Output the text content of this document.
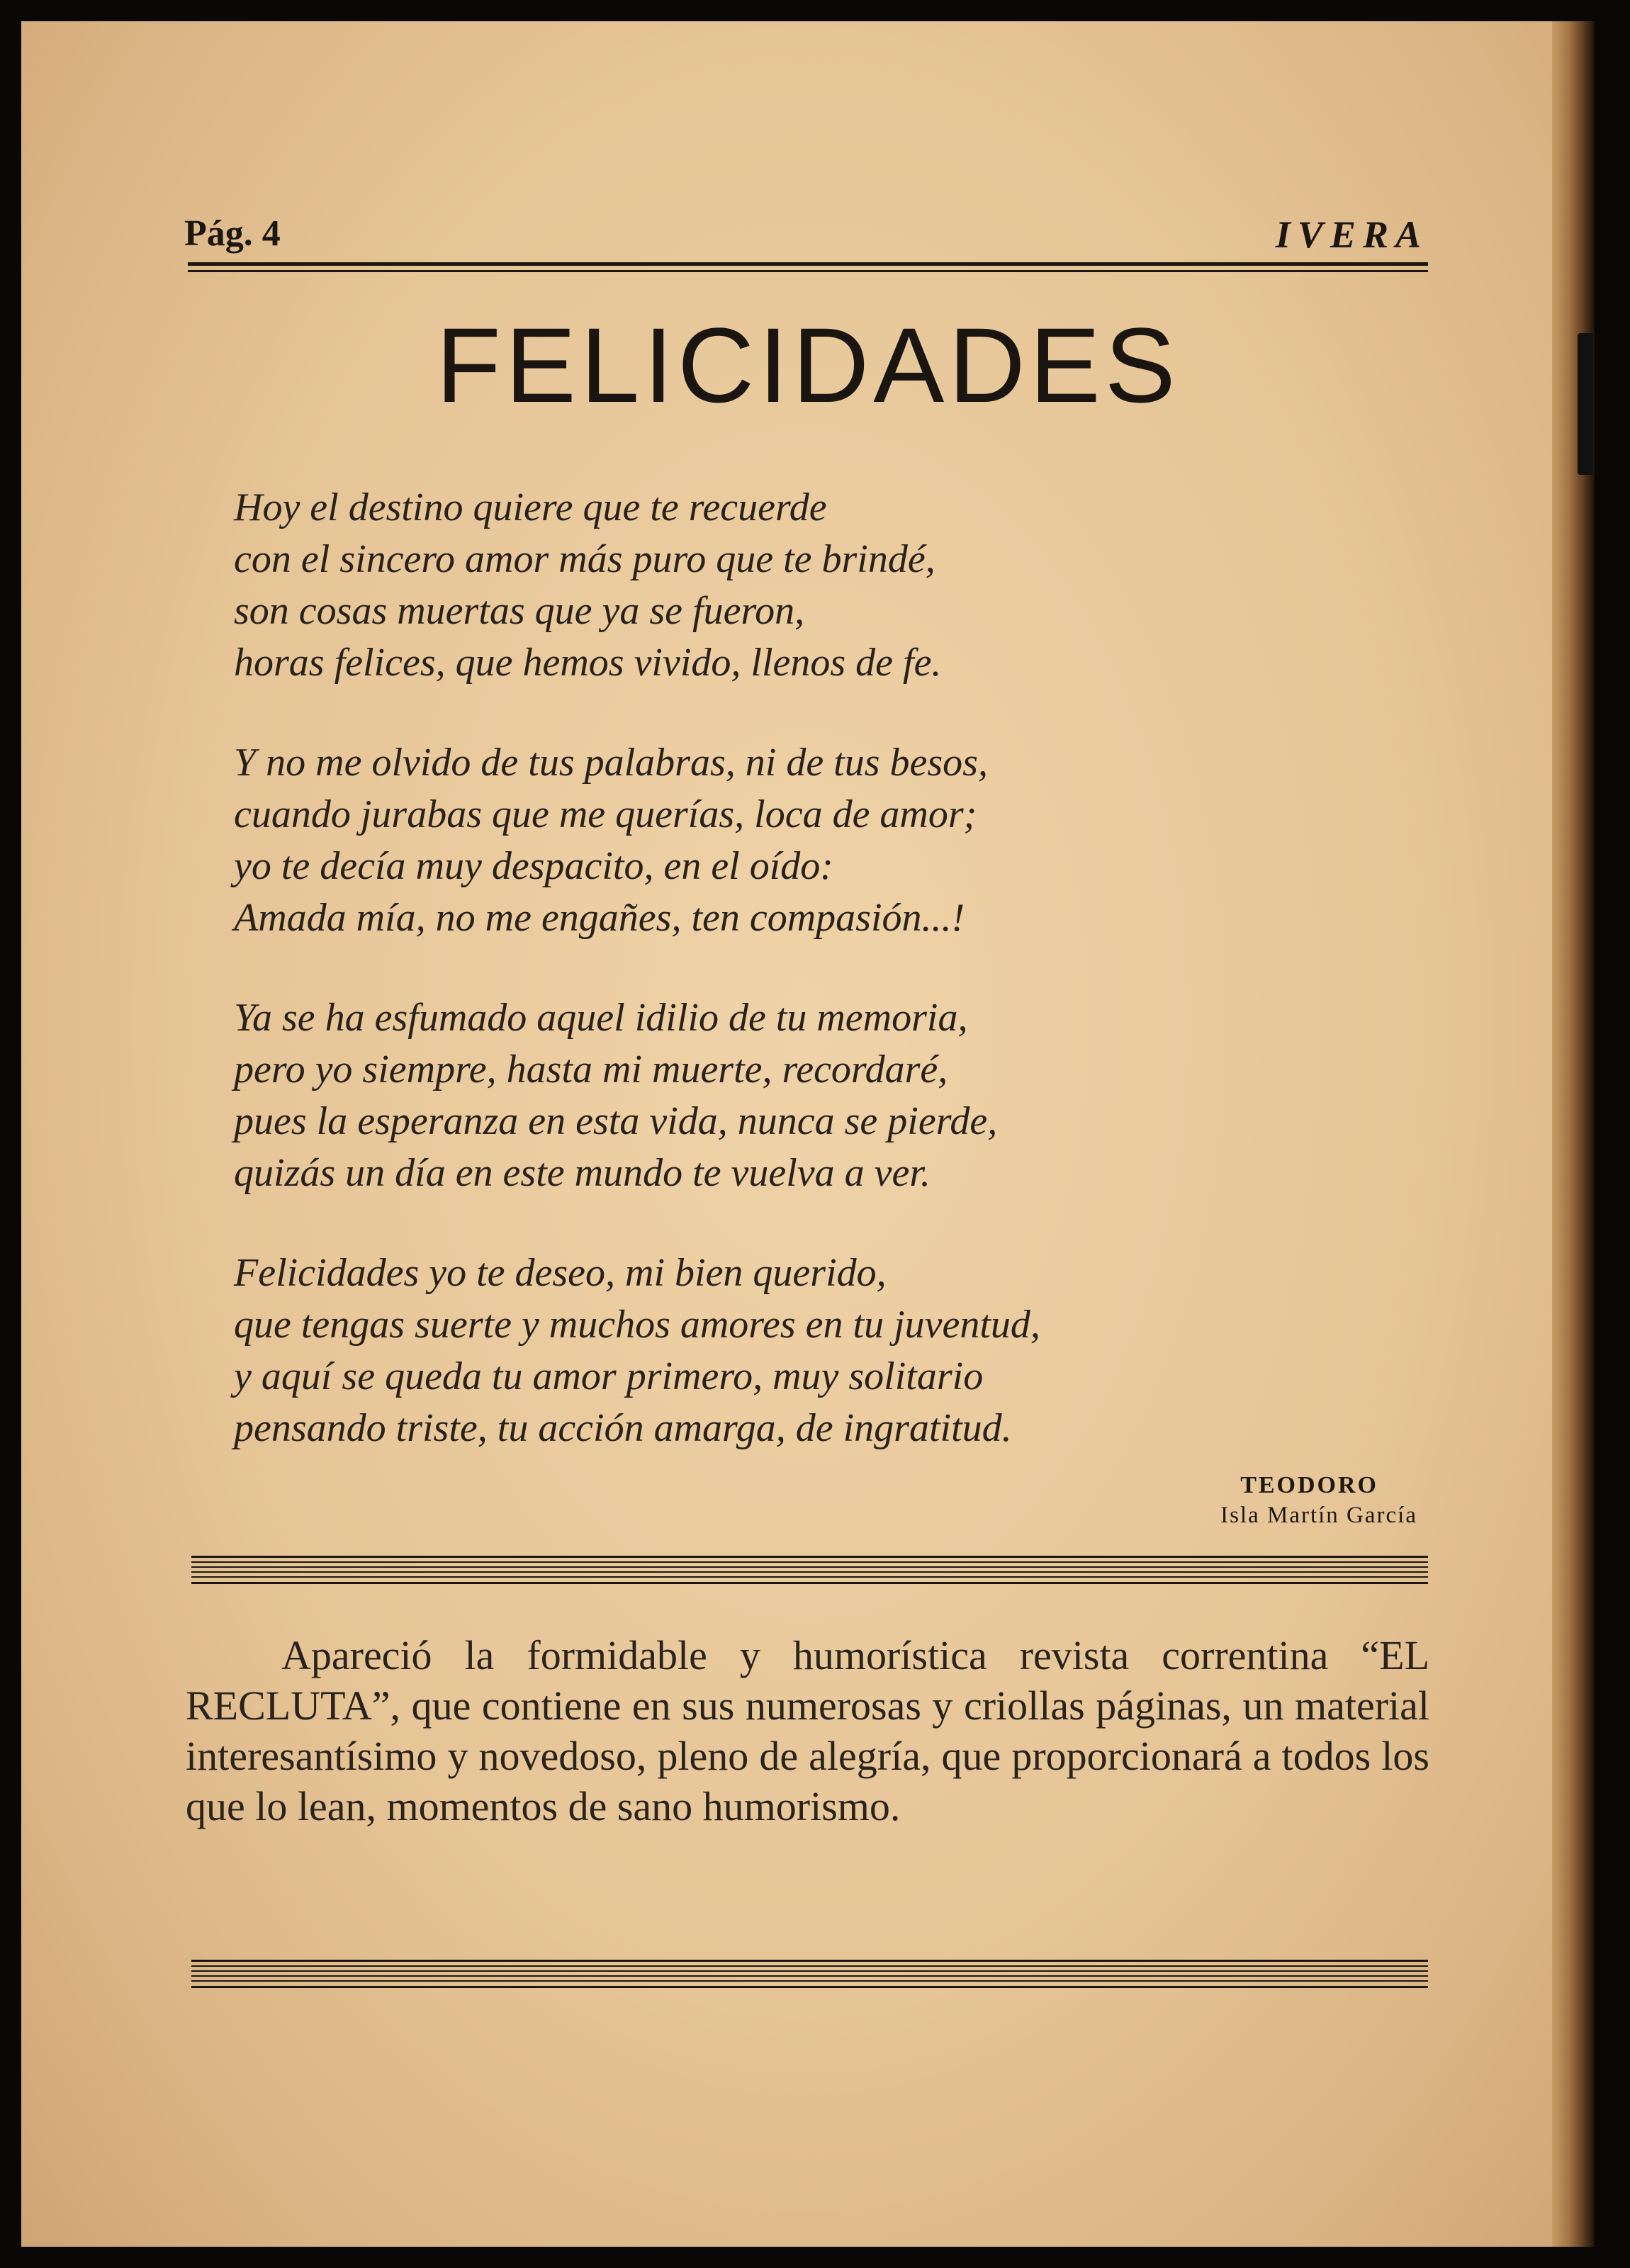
Pág. 4	IVERA
FELICIDADES
Hoy el destino quiere que te recuerde
con el sincero amor más puro que te brindé,
son cosas muertas que ya se fueron,
horas felices, que hemos vivido, llenos de fe.
Y no me olvido de tus palabras, ni de tus besos,
cuando jurabas que me querías, loca de amor;
yo te decía muy despacito, en el oído:
Amada mía, no me engañes, ten compasión...!
Ya se ha esfumado aquel idilio de tu memoria,
pero yo siempre, hasta mi muerte, recordaré,
pues la esperanza en esta vida, nunca se pierde,
quizás un día en este mundo te vuelva a ver.
Felicidades yo te deseo, mi bien querido,
que tengas suerte y muchos amores en tu juventud,
y aquí se queda tu amor primero, muy solitario
pensando triste, tu acción amarga, de ingratitud.
TEODORO
Isla Martín García
Apareció la formidable y humorística revista correntina “EL RECLUTA”, que contiene en sus numerosas y criollas páginas, un material interesantísimo y novedoso, pleno de alegría, que proporcionará a todos los que lo lean, momentos de sano humorismo.
